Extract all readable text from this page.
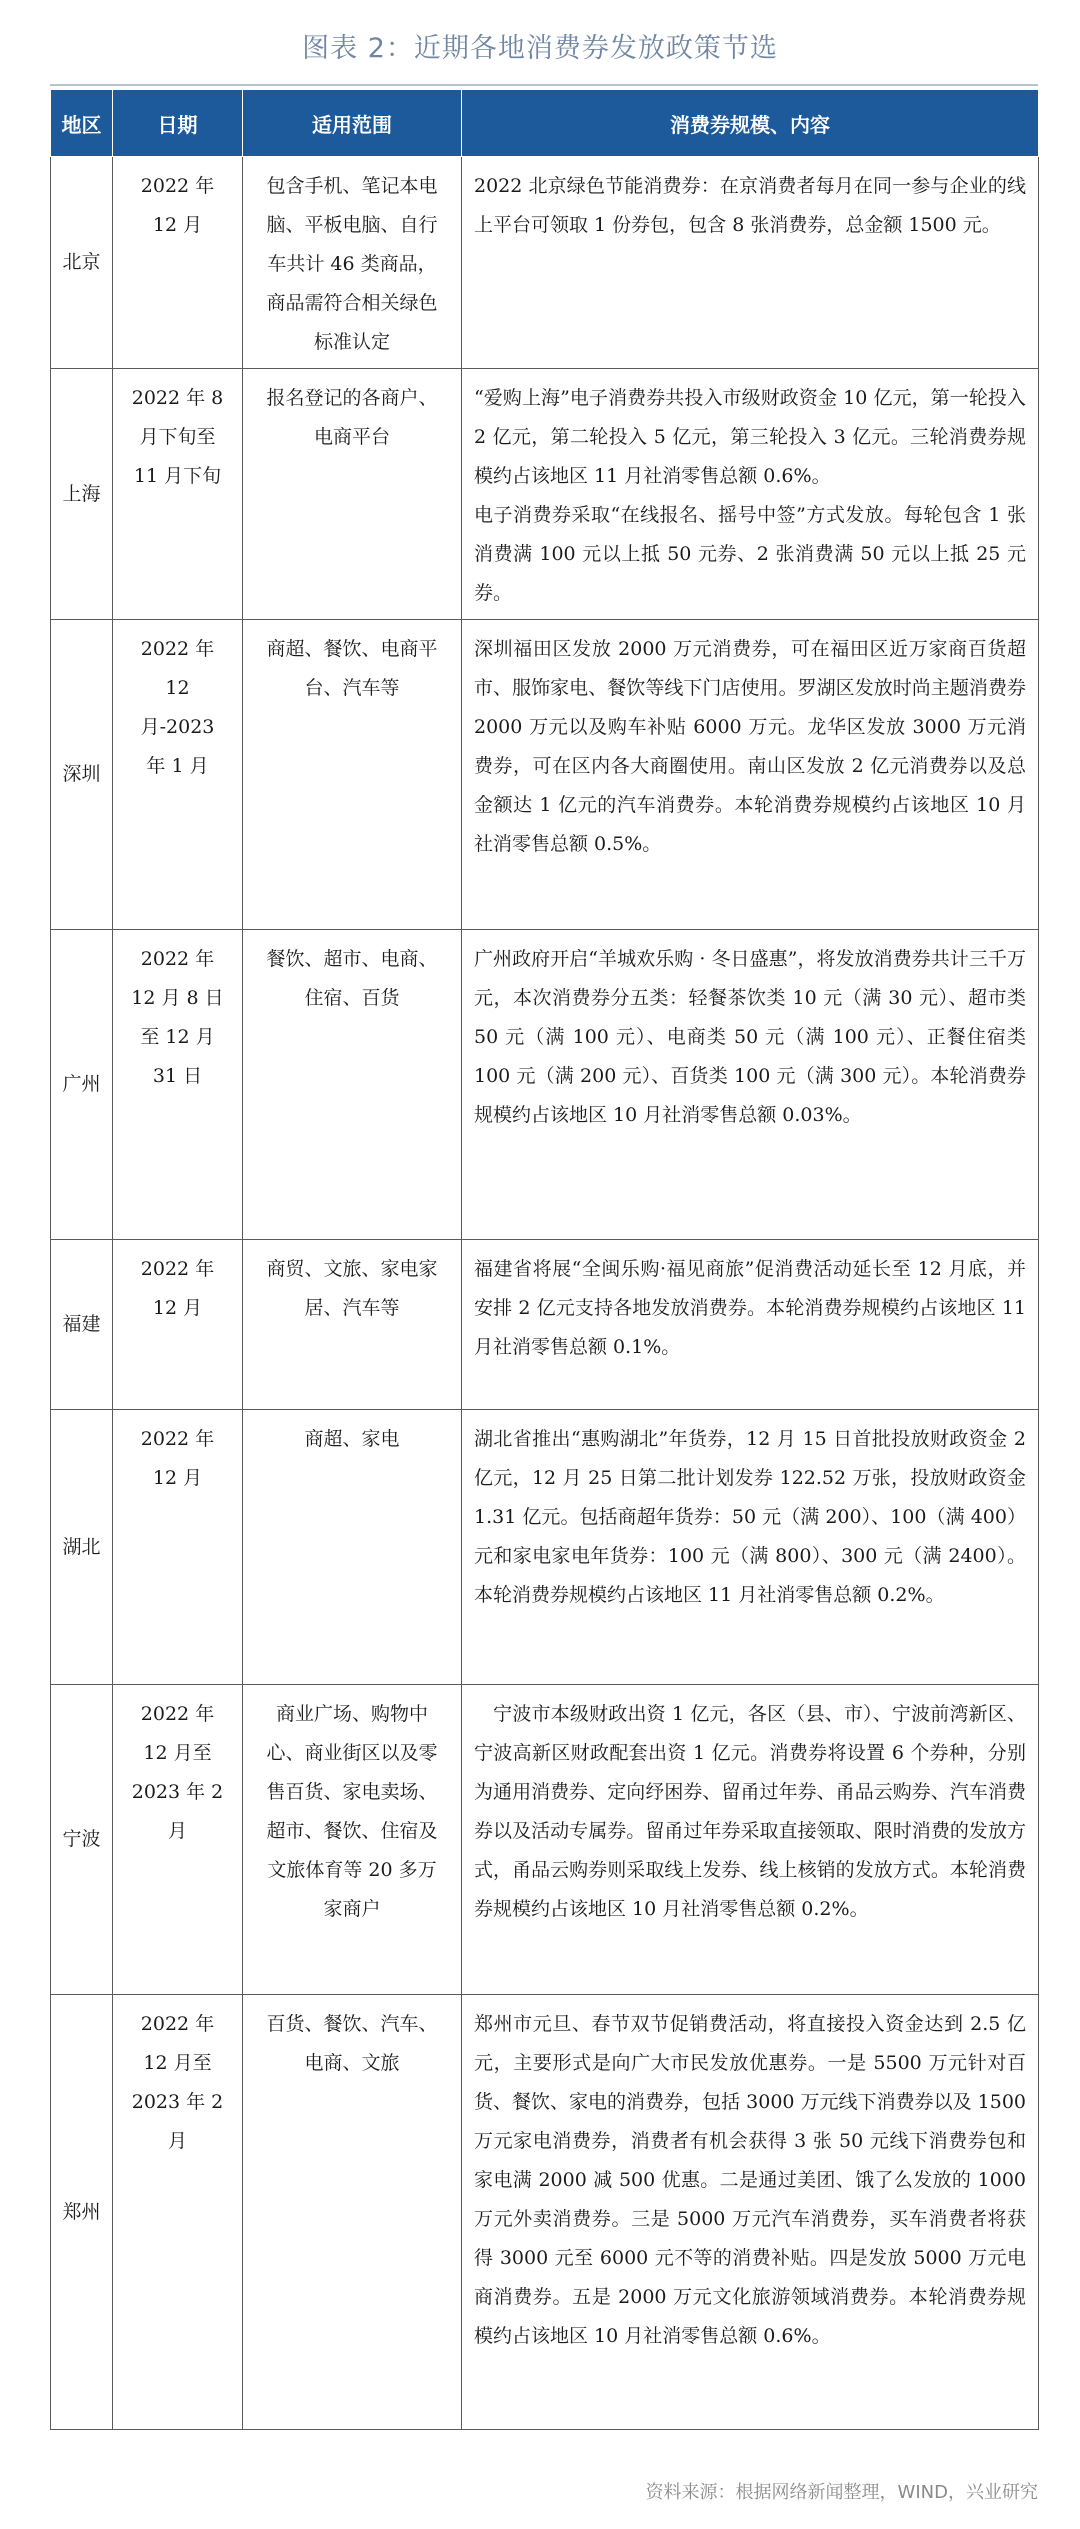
图表 2：近期各地消费券发放政策节选
地区	日期	适用范围	消费券规模、内容
北京	2022 年12 月	包含手机、笔记本电脑、平板电脑、自行车共计 46 类商品，商品需符合相关绿色标准认定	2022 北京绿色节能消费券：在京消费者每月在同一参与企业的线上平台可领取 1 份券包，包含 8 张消费券，总金额 1500 元。

上海	2022 年 8 月下旬至 11 月下旬	报名登记的各商户、电商平台	“爱购上海”电子消费券共投入市级财政资金 10 亿元，第一轮投入 2 亿元，第二轮投入 5 亿元，第三轮投入 3 亿元。三轮消费券规模约占该地区 11 月社消零售总额 0.6%。

电子消费券采取“在线报名、摇号中签”方式发放。每轮包含 1 张消费满 100 元以上抵 50 元券、2 张消费满 50 元以上抵 25 元券。

深圳	2022 年 12 月-2023 年 1 月	商超、餐饮、电商平台、汽车等	深圳福田区发放 2000 万元消费券，可在福田区近万家商百货超市、服饰家电、餐饮等线下门店使用。罗湖区发放时尚主题消费券 2000 万元以及购车补贴 6000 万元。龙华区发放 3000 万元消费券，可在区内各大商圈使用。南山区发放 2 亿元消费券以及总金额达 1 亿元的汽车消费券。本轮消费券规模约占该地区 10 月社消零售总额 0.5%。

广州	2022 年 12 月 8 日至 12 月 31 日	餐饮、超市、电商、住宿、百货	广州政府开启“羊城欢乐购 · 冬日盛惠”，将发放消费券共计三千万元，本次消费券分五类：轻餐茶饮类 10 元（满 30 元）、超市类 50 元（满 100 元）、电商类 50 元（满 100 元）、正餐住宿类 100 元（满 200 元）、百货类 100 元（满 300 元）。本轮消费券规模约占该地区 10 月社消零售总额 0.03%。

福建	2022 年 12 月	商贸、文旅、家电家居、汽车等	福建省将展“全闽乐购·福见商旅”促消费活动延长至 12 月底，并安排 2 亿元支持各地发放消费券。本轮消费券规模约占该地区 11 月社消零售总额 0.1%。

湖北	2022 年 12 月	商超、家电	湖北省推出“惠购湖北”年货券，12 月 15 日首批投放财政资金 2 亿元，12 月 25 日第二批计划发券 122.52 万张，投放财政资金 1.31 亿元。包括商超年货券：50 元（满 200）、100（满 400）元和家电家电年货券：100 元（满 800）、300 元（满 2400）。本轮消费券规模约占该地区 11 月社消零售总额 0.2%。

宁波	2022 年 12 月至 2023 年 2 月	商业广场、购物中心、商业街区以及零售百货、家电卖场、超市、餐饮、住宿及文旅体育等 20 多万家商户	　宁波市本级财政出资 1 亿元，各区（县、市）、宁波前湾新区、宁波高新区财政配套出资 1 亿元。消费券将设置 6 个券种，分别为通用消费券、定向纾困券、留甬过年券、甬品云购券、汽车消费券以及活动专属券。留甬过年券采取直接领取、限时消费的发放方式，甬品云购券则采取线上发券、线上核销的发放方式。本轮消费券规模约占该地区 10 月社消零售总额 0.2%。

郑州	2022 年 12 月至 2023 年 2 月	百货、餐饮、汽车、电商、文旅	郑州市元旦、春节双节促销费活动，将直接投入资金达到 2.5 亿元，主要形式是向广大市民发放优惠券。一是 5500 万元针对百货、餐饮、家电的消费券，包括 3000 万元线下消费券以及 1500 万元家电消费券，消费者有机会获得 3 张 50 元线下消费券包和家电满 2000 减 500 优惠。二是通过美团、饿了么发放的 1000 万元外卖消费券。三是 5000 万元汽车消费券，买车消费者将获得 3000 元至 6000 元不等的消费补贴。四是发放 5000 万元电商消费券。五是 2000 万元文化旅游领域消费券。本轮消费券规模约占该地区 10 月社消零售总额 0.6%。

资料来源：根据网络新闻整理，WIND，兴业研究
